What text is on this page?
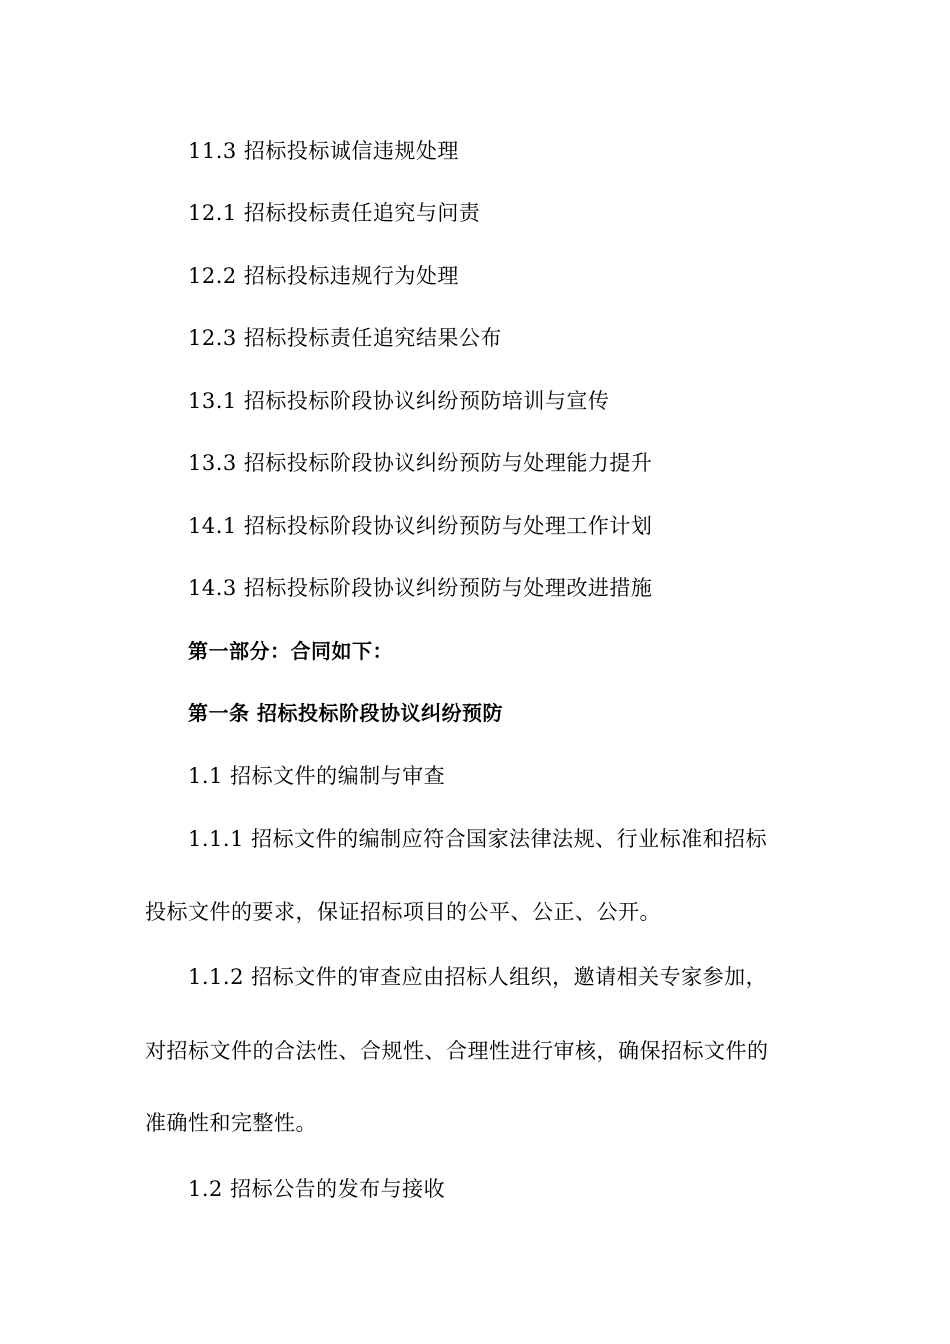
11.3 招标投标诚信违规处理
12.1 招标投标责任追究与问责
12.2 招标投标违规行为处理
12.3 招标投标责任追究结果公布
13.1 招标投标阶段协议纠纷预防培训与宣传
13.3 招标投标阶段协议纠纷预防与处理能力提升
14.1 招标投标阶段协议纠纷预防与处理工作计划
14.3 招标投标阶段协议纠纷预防与处理改进措施
第一部分：合同如下：
第一条 招标投标阶段协议纠纷预防
1.1 招标文件的编制与审查
1.1.1 招标文件的编制应符合国家法律法规、行业标准和招标
投标文件的要求，保证招标项目的公平、公正、公开。
1.1.2 招标文件的审查应由招标人组织，邀请相关专家参加，
对招标文件的合法性、合规性、合理性进行审核，确保招标文件的
准确性和完整性。
1.2 招标公告的发布与接收
